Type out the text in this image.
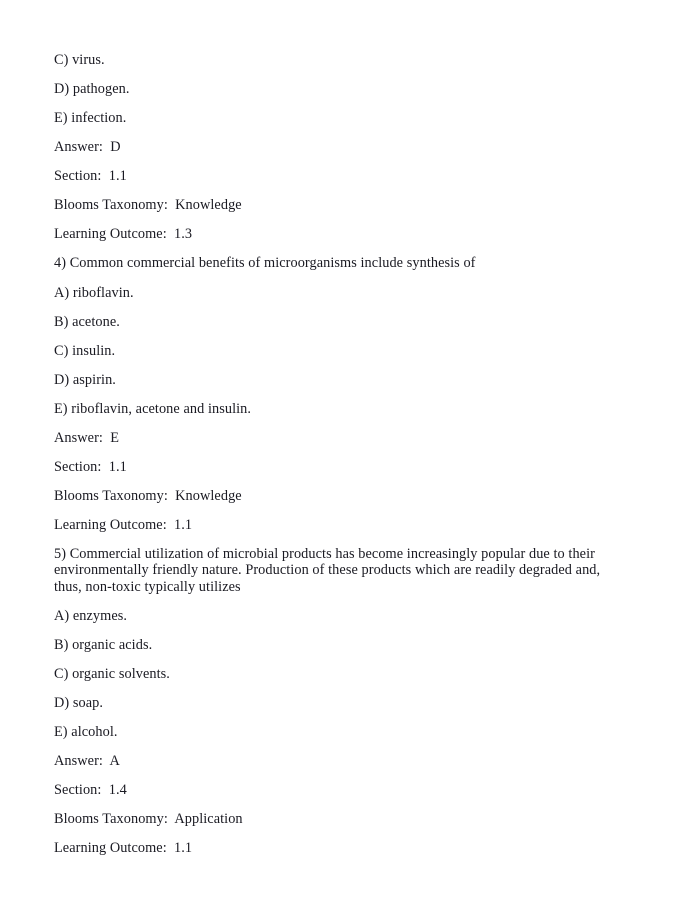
C) virus.

D) pathogen.

E) infection.

Answer:  D

Section:  1.1

Blooms Taxonomy:  Knowledge

Learning Outcome:  1.3

4) Common commercial benefits of microorganisms include synthesis of

A) riboflavin.

B) acetone.

C) insulin.

D) aspirin.

E) riboflavin, acetone and insulin.

Answer:  E

Section:  1.1

Blooms Taxonomy:  Knowledge

Learning Outcome:  1.1

5) Commercial utilization of microbial products has become increasingly popular due to their environmentally friendly nature. Production of these products which are readily degraded and, thus, non-toxic typically utilizes

A) enzymes.

B) organic acids.

C) organic solvents.

D) soap.

E) alcohol.

Answer:  A

Section:  1.4

Blooms Taxonomy:  Application

Learning Outcome:  1.1
